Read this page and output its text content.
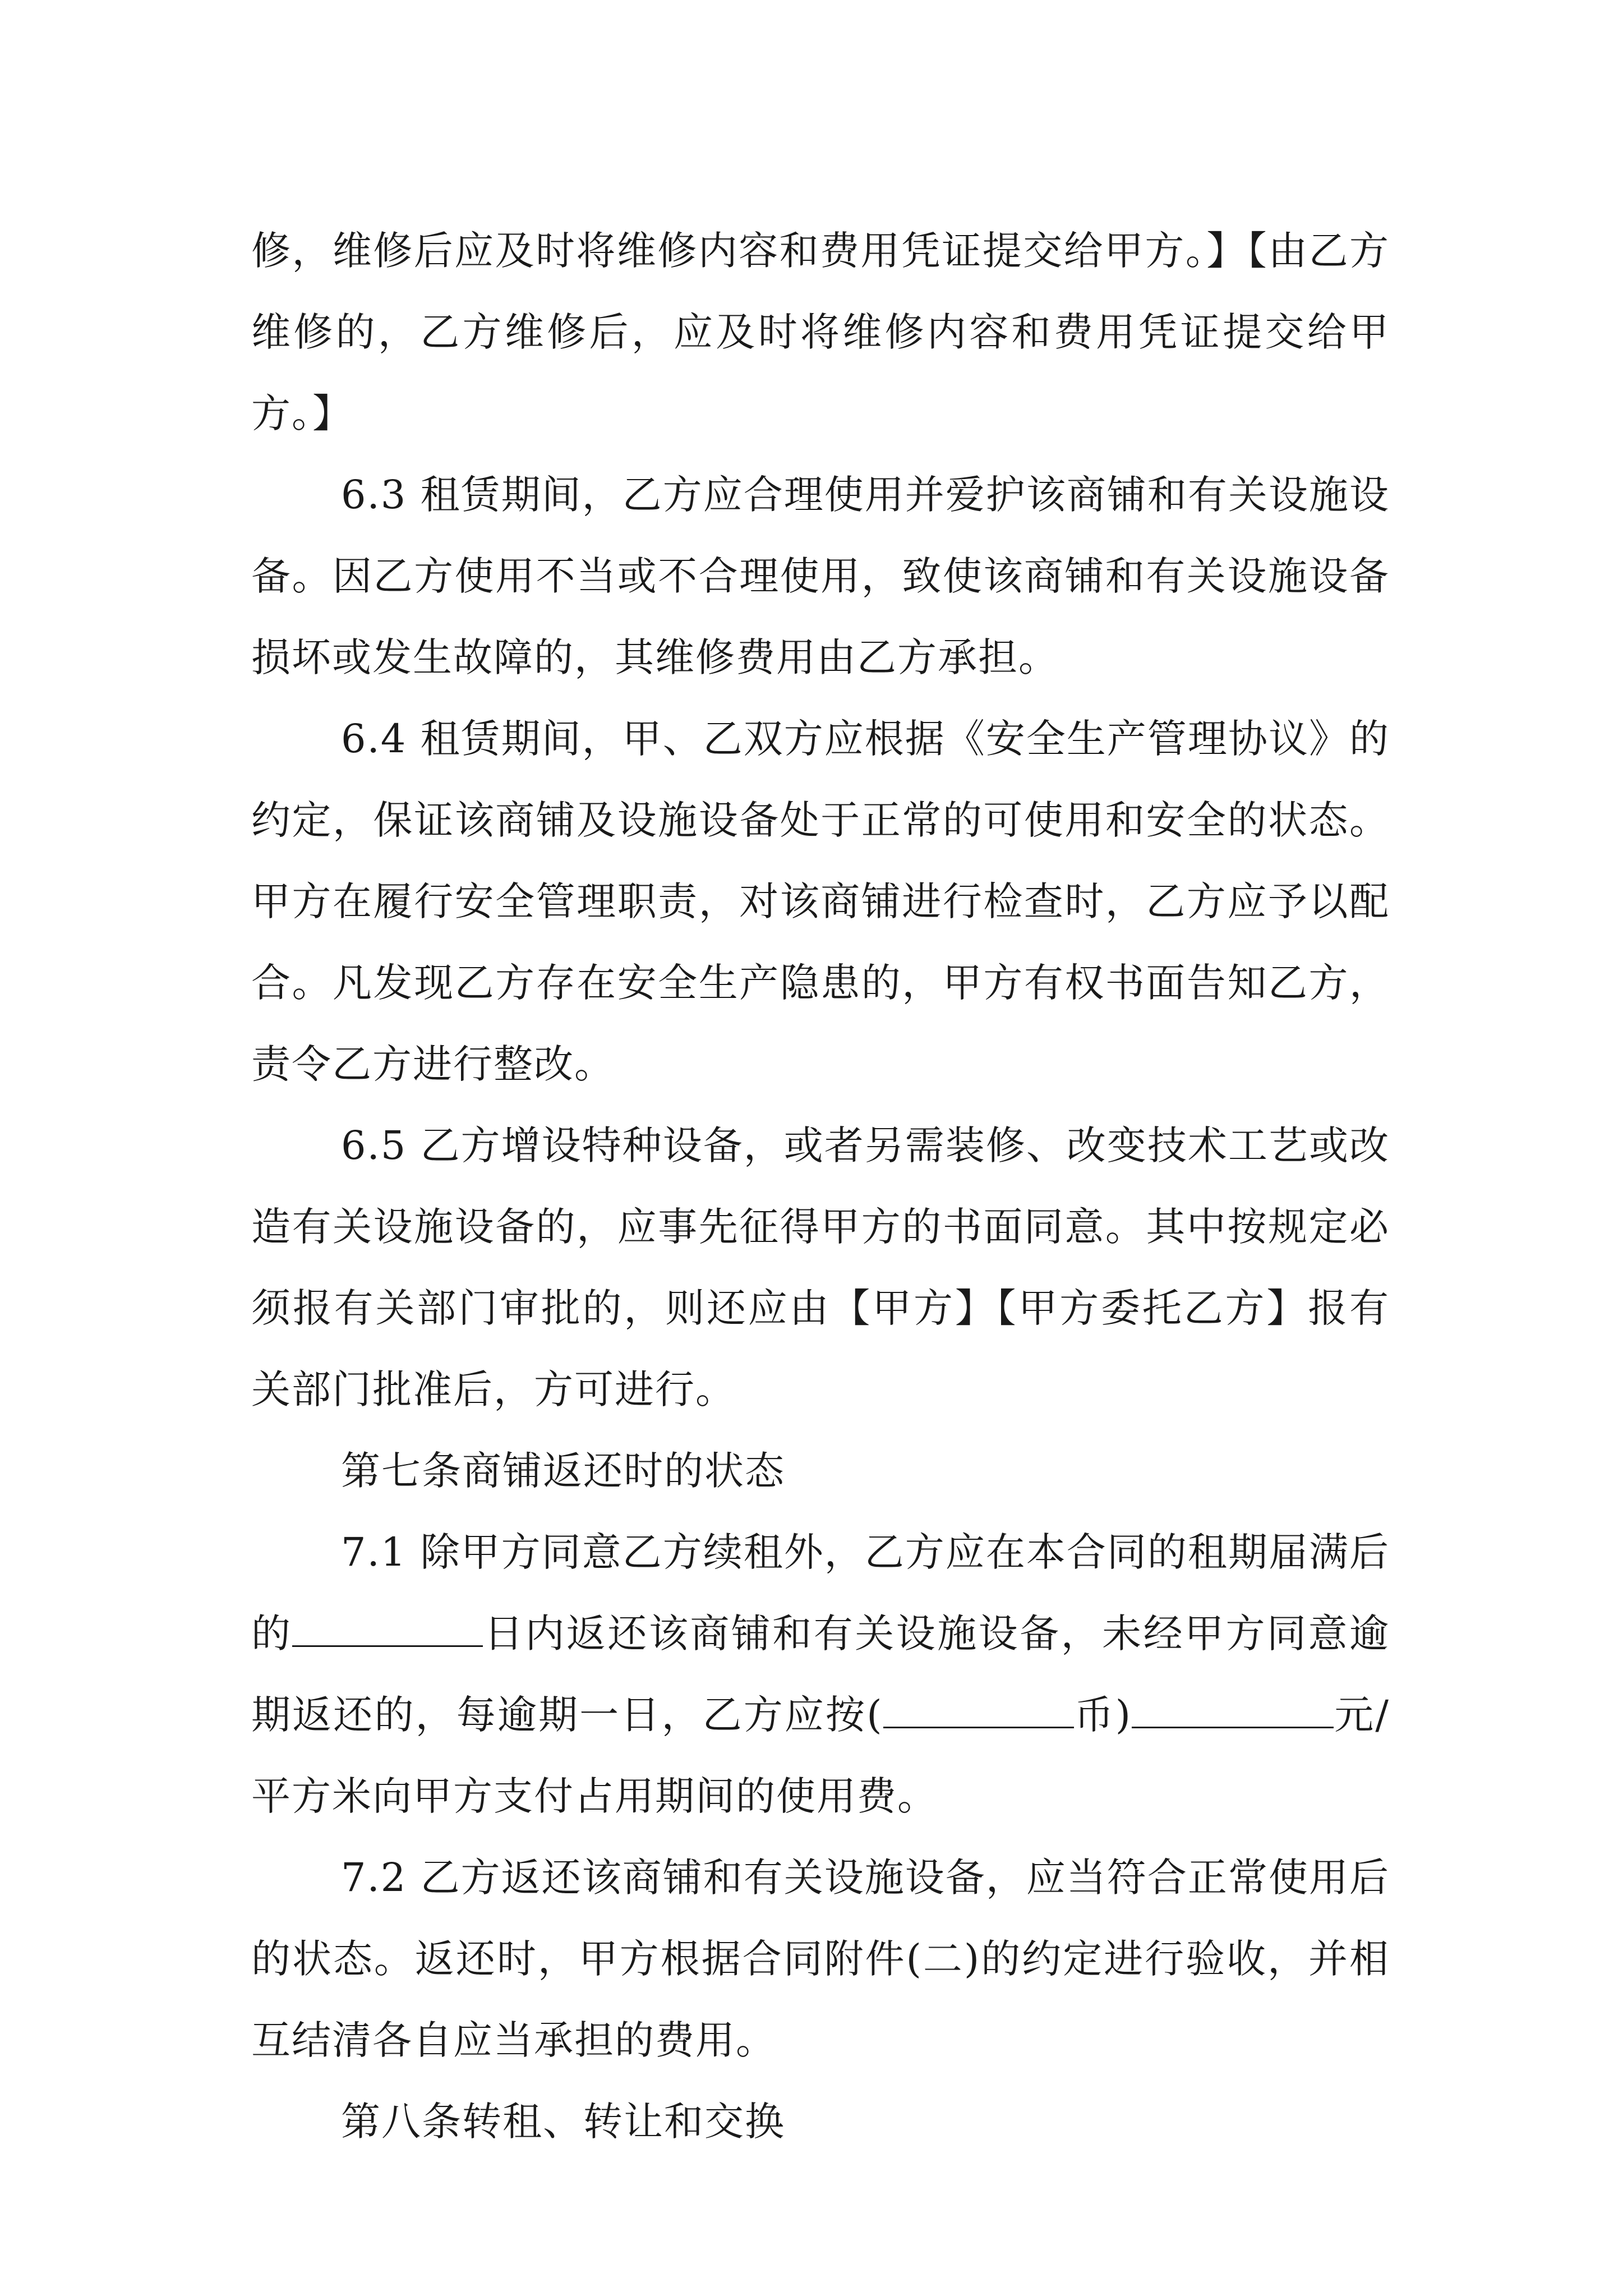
修，维修后应及时将维修内容和费用凭证提交给甲方。】【由乙方维修的，乙方维修后，应及时将维修内容和费用凭证提交给甲方。】

6.3 租赁期间，乙方应合理使用并爱护该商铺和有关设施设备。因乙方使用不当或不合理使用，致使该商铺和有关设施设备损坏或发生故障的，其维修费用由乙方承担。

6.4 租赁期间，甲、乙双方应根据《安全生产管理协议》的约定，保证该商铺及设施设备处于正常的可使用和安全的状态。甲方在履行安全管理职责，对该商铺进行检查时，乙方应予以配合。凡发现乙方存在安全生产隐患的，甲方有权书面告知乙方，责令乙方进行整改。

6.5 乙方增设特种设备，或者另需装修、改变技术工艺或改造有关设施设备的，应事先征得甲方的书面同意。其中按规定必须报有关部门审批的，则还应由【甲方】【甲方委托乙方】报有关部门批准后，方可进行。

第七条商铺返还时的状态

7.1 除甲方同意乙方续租外，乙方应在本合同的租期届满后的	日内返还该商铺和有关设施设备，未经甲方同意逾期返还的，每逾期一日，乙方应按(	币)	元/平方米向甲方支付占用期间的使用费。

7.2 乙方返还该商铺和有关设施设备，应当符合正常使用后的状态。返还时，甲方根据合同附件(二)的约定进行验收，并相互结清各自应当承担的费用。

第八条转租、转让和交换
